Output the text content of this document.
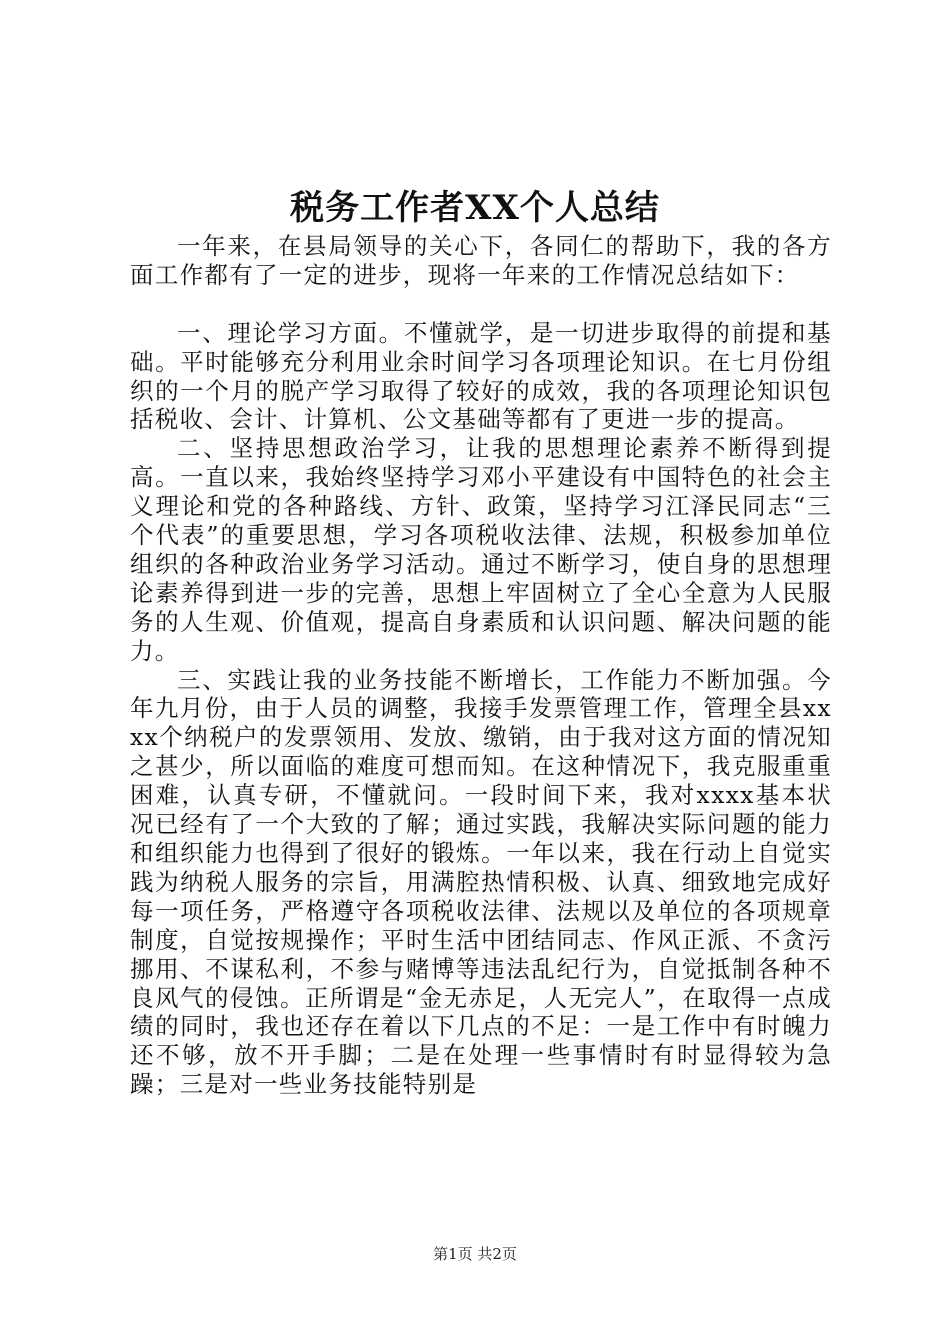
税务工作者XX个人总结

一年来，在县局领导的关心下，各同仁的帮助下，我的各方面工作都有了一定的进步，现将一年来的工作情况总结如下：

一、理论学习方面。不懂就学，是一切进步取得的前提和基础。平时能够充分利用业余时间学习各项理论知识。在七月份组织的一个月的脱产学习取得了较好的成效，我的各项理论知识包括税收、会计、计算机、公文基础等都有了更进一步的提高。

二、坚持思想政治学习，让我的思想理论素养不断得到提高。一直以来，我始终坚持学习邓小平建设有中国特色的社会主义理论和党的各种路线、方针、政策，坚持学习江泽民同志“三个代表”的重要思想，学习各项税收法律、法规，积极参加单位组织的各种政治业务学习活动。通过不断学习，使自身的思想理论素养得到进一步的完善，思想上牢固树立了全心全意为人民服务的人生观、价值观，提高自身素质和认识问题、解决问题的能力。

三、实践让我的业务技能不断增长，工作能力不断加强。今年九月份，由于人员的调整，我接手发票管理工作，管理全县xxxx个纳税户的发票领用、发放、缴销，由于我对这方面的情况知之甚少，所以面临的难度可想而知。在这种情况下，我克服重重困难，认真专研，不懂就问。一段时间下来，我对xxxx基本状况已经有了一个大致的了解；通过实践，我解决实际问题的能力和组织能力也得到了很好的锻炼。一年以来，我在行动上自觉实践为纳税人服务的宗旨，用满腔热情积极、认真、细致地完成好每一项任务，严格遵守各项税收法律、法规以及单位的各项规章制度，自觉按规操作；平时生活中团结同志、作风正派、不贪污挪用、不谋私利，不参与赌博等违法乱纪行为，自觉抵制各种不良风气的侵蚀。正所谓是“金无赤足，人无完人”，在取得一点成绩的同时，我也还存在着以下几点的不足：一是工作中有时魄力还不够，放不开手脚；二是在处理一些事情时有时显得较为急躁；三是对一些业务技能特别是

第1页 共2页
